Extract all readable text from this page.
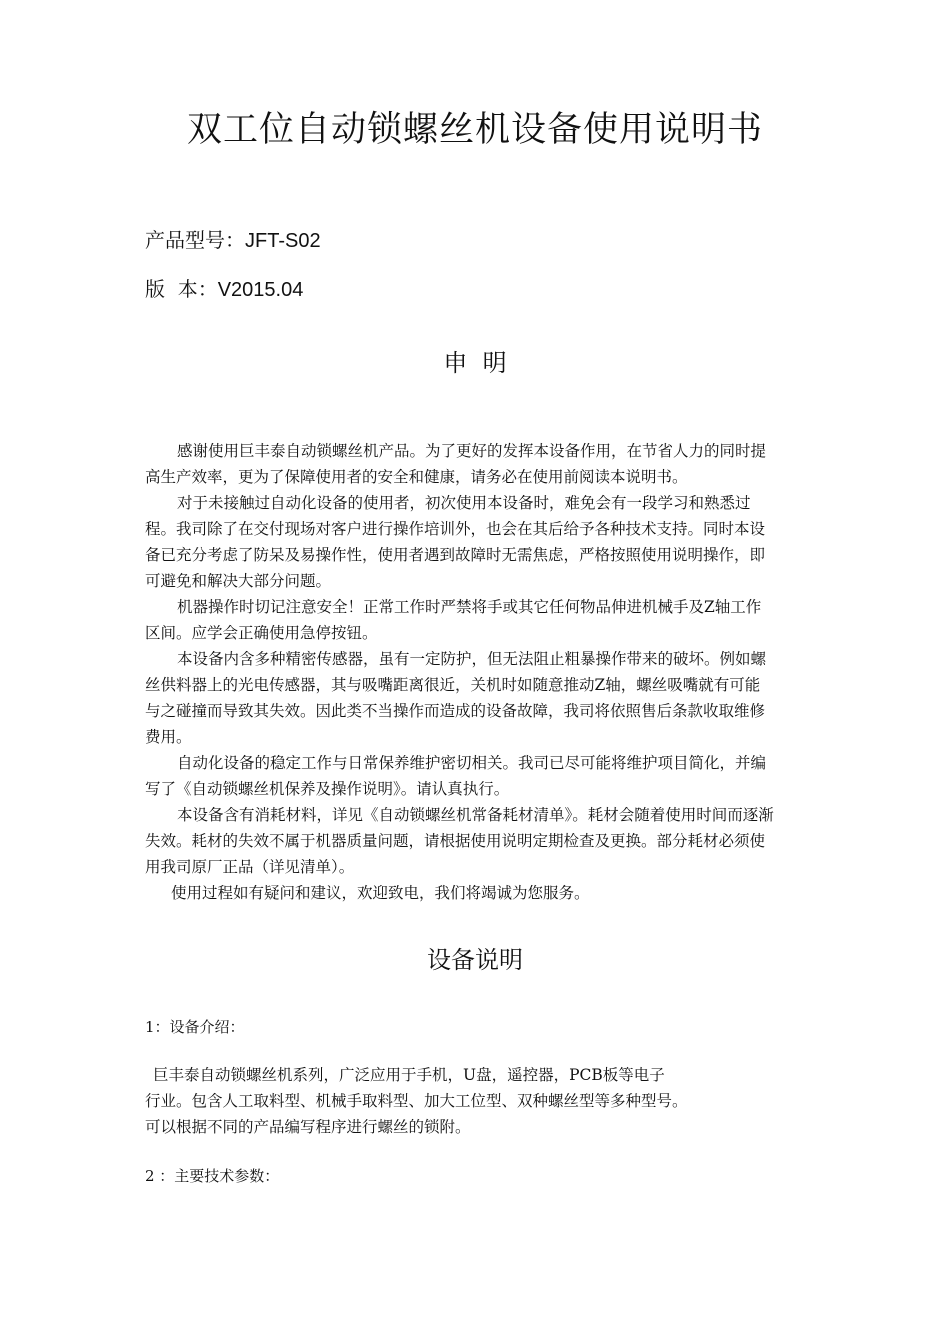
双工位自动锁螺丝机设备使用说明书
产品型号：JFT-S02
版  本：V2015.04
申  明

感谢使用巨丰泰自动锁螺丝机产品。为了更好的发挥本设备作用，在节省人力的同时提高生产效率，更为了保障使用者的安全和健康，请务必在使用前阅读本说明书。

对于未接触过自动化设备的使用者，初次使用本设备时，难免会有一段学习和熟悉过程。我司除了在交付现场对客户进行操作培训外，也会在其后给予各种技术支持。同时本设备已充分考虑了防呆及易操作性，使用者遇到故障时无需焦虑，严格按照使用说明操作，即可避免和解决大部分问题。

机器操作时切记注意安全！正常工作时严禁将手或其它任何物品伸进机械手及Z轴工作区间。应学会正确使用急停按钮。

本设备内含多种精密传感器，虽有一定防护，但无法阻止粗暴操作带来的破坏。例如螺丝供料器上的光电传感器，其与吸嘴距离很近，关机时如随意推动Z轴，螺丝吸嘴就有可能与之碰撞而导致其失效。因此类不当操作而造成的设备故障，我司将依照售后条款收取维修费用。

自动化设备的稳定工作与日常保养维护密切相关。我司已尽可能将维护项目简化，并编写了《自动锁螺丝机保养及操作说明》。请认真执行。

本设备含有消耗材料，详见《自动锁螺丝机常备耗材清单》。耗材会随着使用时间而逐渐失效。耗材的失效不属于机器质量问题，请根据使用说明定期检查及更换。部分耗材必须使用我司原厂正品（详见清单）。

使用过程如有疑问和建议，欢迎致电，我们将竭诚为您服务。

设备说明
1：设备介绍：

巨丰泰自动锁螺丝机系列，广泛应用于手机，U盘，遥控器，PCB板等电子

行业。包含人工取料型、机械手取料型、加大工位型、双种螺丝型等多种型号。

可以根据不同的产品编写程序进行螺丝的锁附。

2 ：主要技术参数：
